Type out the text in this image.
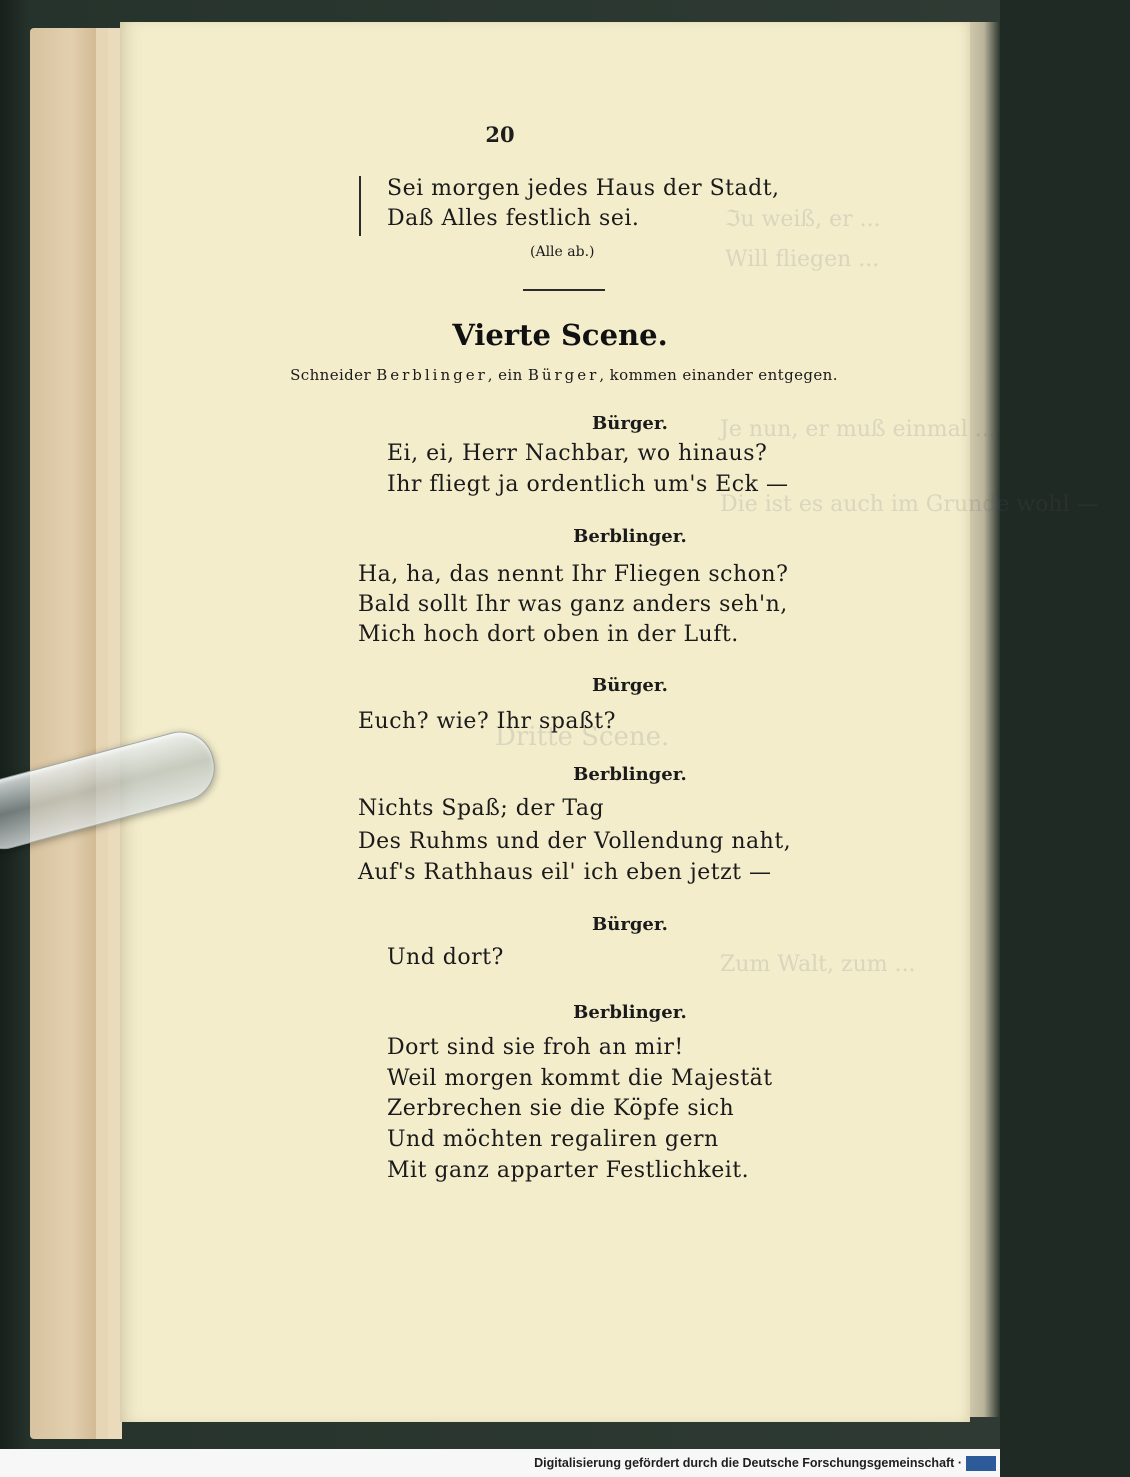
ℑu weiß, er ...
Will fliegen ...
Je nun, er muß einmal ...
Die ist es auch im Grunde wohl —
Dritte Scene.
Zum Walt, zum ...
20
Sei morgen jedes Haus der Stadt,
Daß Alles festlich sei.
(Alle ab.)
Vierte Scene.
Schneider Berblinger, ein Bürger, kommen einander entgegen.
Bürger.
Ei, ei, Herr Nachbar, wo hinaus?
Ihr fliegt ja ordentlich um's Eck —
Berblinger.
Ha, ha, das nennt Ihr Fliegen schon?
Bald sollt Ihr was ganz anders seh'n,
Mich hoch dort oben in der Luft.
Bürger.
Euch? wie? Ihr spaßt?
Berblinger.
Nichts Spaß; der Tag
Des Ruhms und der Vollendung naht,
Auf's Rathhaus eil' ich eben jetzt —
Bürger.
Und dort?
Berblinger.
Dort sind sie froh an mir!
Weil morgen kommt die Majestät
Zerbrechen sie die Köpfe sich
Und möchten regaliren gern
Mit ganz apparter Festlichkeit.
Digitalisierung gefördert durch die Deutsche Forschungsgemeinschaft ·
